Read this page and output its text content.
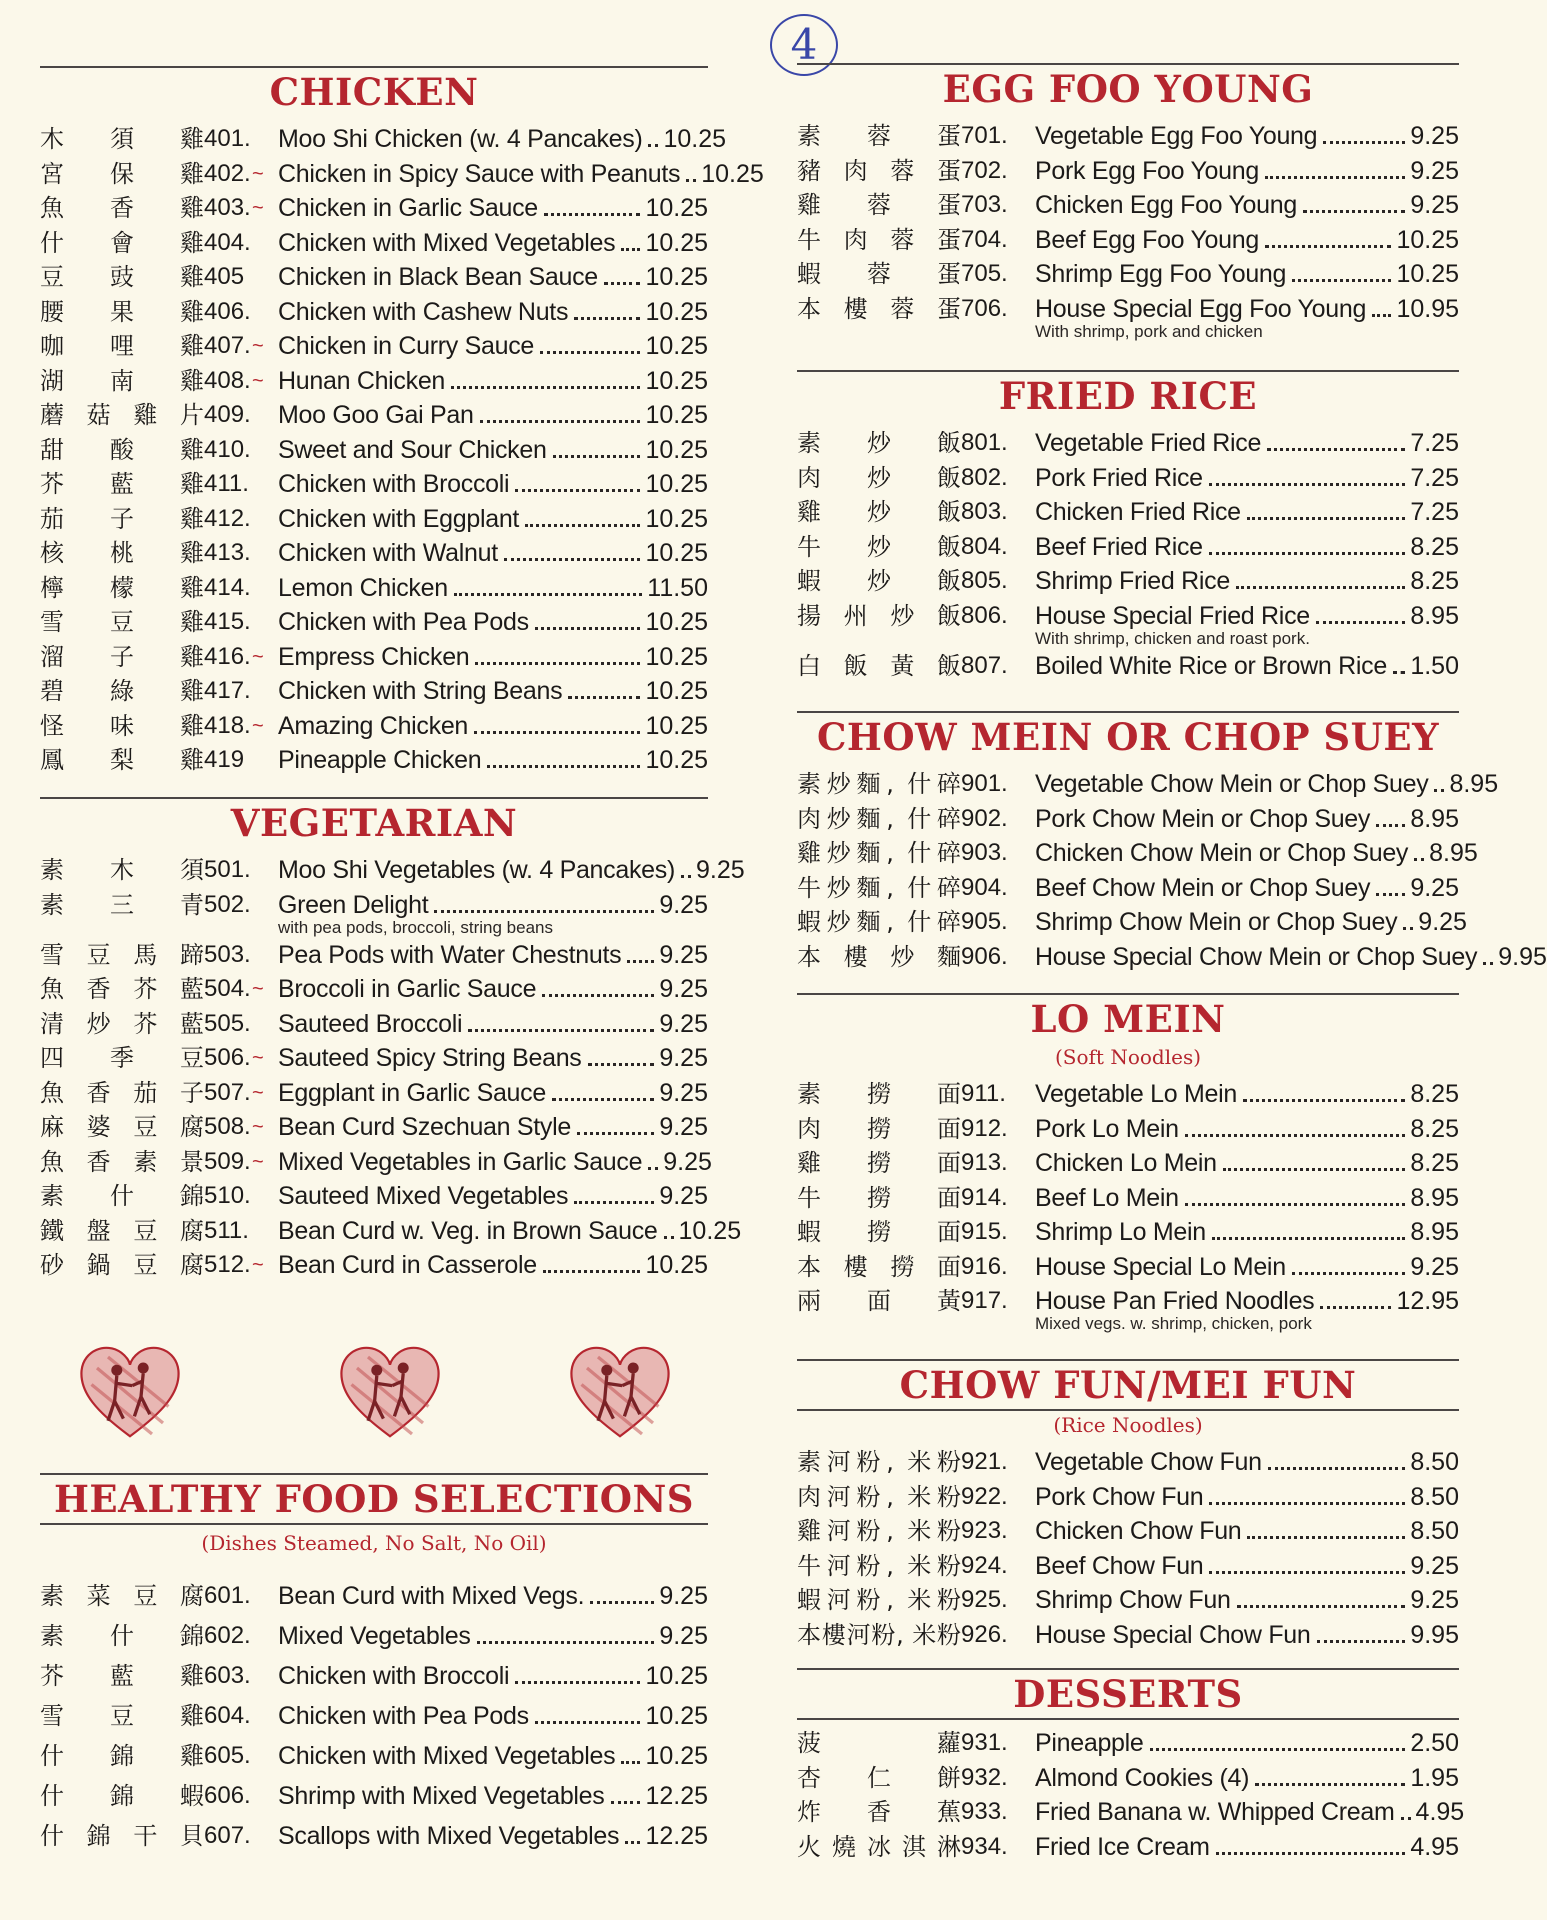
4
CHICKEN
木 須 雞 401. Moo Shi Chicken (w. 4 Pancakes) 10.25
宮 保 雞 402. ~ Chicken in Spicy Sauce with Peanuts 10.25
魚 香 雞 403. ~ Chicken in Garlic Sauce	10.25
什 會 雞 404. Chicken with Mixed Vegetables 10.25
豆 豉 雞 405	Chicken in Black Bean Sauce 10.25
腰 果 雞 406. Chicken with Cashew Nuts	10.25
咖 哩 雞 407. ~ Chicken in Curry Sauce	10.25
湖 南 雞 408. ~ Hunan Chicken	10.25
蘑菇雞片 409. Moo Goo Gai Pan	10.25
甜 酸 雞 410. Sweet and Sour Chicken	10.25
芥 藍 雞 411. Chicken with Broccoli	10.25
茄 子 雞 412. Chicken with Eggplant	10.25
核 桃 雞 413. Chicken with Walnut	10.25
檸 檬 雞 414. Lemon Chicken	11.50
雪 豆 雞 415. Chicken with Pea Pods	10.25
溜 子 雞 416. ~ Empress Chicken	10.25
碧 綠 雞 417. Chicken with String Beans	10.25
怪 味 雞 418. ~ Amazing Chicken	10.25
鳳 梨 雞 419	Pineapple Chicken	10.25
VEGETARIAN
素 木 須 501. Moo Shi Vegetables (w. 4 Pancakes) 9.25
素 三 青 502. Green Delight	9.25
with pea pods, broccoli, string beans
雪豆馬蹄 503. Pea Pods with Water Chestnuts 9.25
魚香芥藍 504. ~ Broccoli in Garlic Sauce	9.25
清炒芥藍 505. Sauteed Broccoli	9.25
四 季 豆 506. ~ Sauteed Spicy String Beans	9.25
魚香茄子 507. ~ Eggplant in Garlic Sauce	9.25
麻婆豆腐 508. ~ Bean Curd Szechuan Style	9.25
魚香素景 509. ~ Mixed Vegetables in Garlic Sauce 9.25
素 什 錦 510. Sauteed Mixed Vegetables	9.25
鐵盤豆腐 511. Bean Curd w. Veg. in Brown Sauce 10.25
砂鍋豆腐 512. ~ Bean Curd in Casserole	10.25
HEALTHY FOOD SELECTIONS
(Dishes Steamed, No Salt, No Oil)
素菜豆腐 601. Bean Curd with Mixed Vegs.	9.25
素 什 錦 602. Mixed Vegetables	9.25
芥 藍 雞 603. Chicken with Broccoli	10.25
雪 豆 雞 604. Chicken with Pea Pods	10.25
什 錦 雞 605. Chicken with Mixed Vegetables 10.25
什 錦 蝦 606. Shrimp with Mixed Vegetables 12.25
什錦干貝 607. Scallops with Mixed Vegetables 12.25
EGG FOO YOUNG
素 蓉 蛋 701. Vegetable Egg Foo Young	9.25
豬肉蓉蛋 702. Pork Egg Foo Young	9.25
雞 蓉 蛋 703. Chicken Egg Foo Young	9.25
牛肉蓉蛋 704. Beef Egg Foo Young	10.25
蝦 蓉 蛋 705. Shrimp Egg Foo Young	10.25
本樓蓉蛋 706. House Special Egg Foo Young 10.95
With shrimp, pork and chicken
FRIED RICE
素 炒 飯 801. Vegetable Fried Rice	7.25
肉 炒 飯 802. Pork Fried Rice	7.25
雞 炒 飯 803. Chicken Fried Rice	7.25
牛 炒 飯 804. Beef Fried Rice	8.25
蝦 炒 飯 805. Shrimp Fried Rice	8.25
揚州炒飯 806. House Special Fried Rice	8.95
With shrimp, chicken and roast pork.
白飯黃飯 807. Boiled White Rice or Brown Rice 1.50
CHOW MEIN OR CHOP SUEY
素炒麵, 什碎 901. Vegetable Chow Mein or Chop Suey 8.95
肉炒麵, 什碎 902. Pork Chow Mein or Chop Suey 8.95
雞炒麵, 什碎 903. Chicken Chow Mein or Chop Suey 8.95
牛炒麵, 什碎 904. Beef Chow Mein or Chop Suey 9.25
蝦炒麵, 什碎 905. Shrimp Chow Mein or Chop Suey 9.25
本樓炒麵 906. House Special Chow Mein or Chop Suey 9.95
LO MEIN
(Soft Noodles)
素 撈 面 911. Vegetable Lo Mein	8.25
肉 撈 面 912. Pork Lo Mein	8.25
雞 撈 面 913. Chicken Lo Mein	8.25
牛 撈 面 914. Beef Lo Mein	8.95
蝦 撈 面 915. Shrimp Lo Mein	8.95
本樓撈面 916. House Special Lo Mein	9.25
兩 面 黃 917. House Pan Fried Noodles	12.95
Mixed vegs. w. shrimp, chicken, pork
CHOW FUN/MEI FUN
(Rice Noodles)
素河粉, 米粉 921. Vegetable Chow Fun	8.50
肉河粉, 米粉 922. Pork Chow Fun	8.50
雞河粉, 米粉 923. Chicken Chow Fun	8.50
牛河粉, 米粉 924. Beef Chow Fun	9.25
蝦河粉, 米粉 925. Shrimp Chow Fun	9.25
本樓河粉, 米粉 926. House Special Chow Fun	9.95
DESSERTS
菠　　蘿 931. Pineapple	2.50
杏 仁 餅 932. Almond Cookies (4)	1.95
炸 香 蕉 933. Fried Banana w. Whipped Cream 4.95
火燒冰淇淋 934. Fried Ice Cream	4.95
